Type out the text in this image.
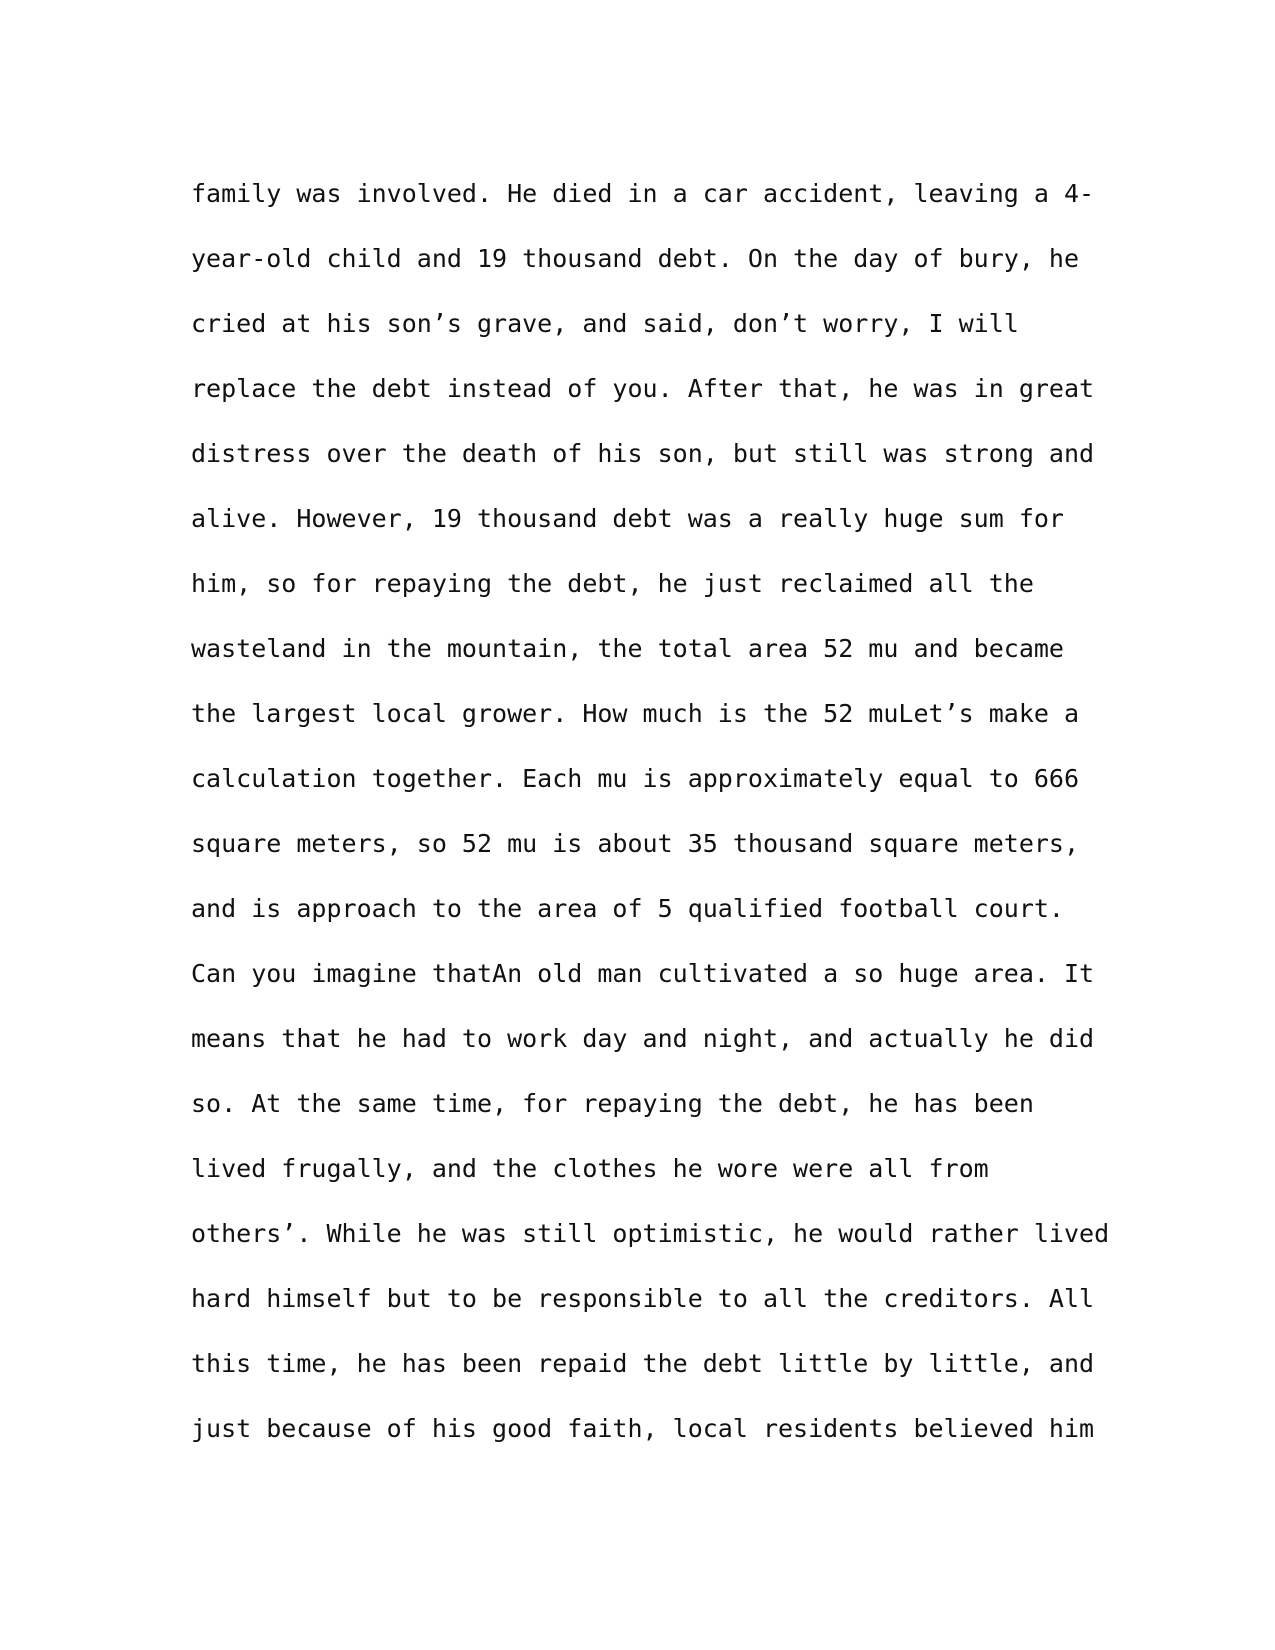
family was involved. He died in a car accident, leaving a 4-
year-old child and 19 thousand debt. On the day of bury, he
cried at his son’s grave, and said, don’t worry, I will
replace the debt instead of you. After that, he was in great
distress over the death of his son, but still was strong and
alive. However, 19 thousand debt was a really huge sum for
him, so for repaying the debt, he just reclaimed all the
wasteland in the mountain, the total area 52 mu and became
the largest local grower. How much is the 52 muLet’s make a
calculation together. Each mu is approximately equal to 666
square meters, so 52 mu is about 35 thousand square meters,
and is approach to the area of 5 qualified football court.
Can you imagine thatAn old man cultivated a so huge area. It
means that he had to work day and night, and actually he did
so. At the same time, for repaying the debt, he has been
lived frugally, and the clothes he wore were all from
others’. While he was still optimistic, he would rather lived
hard himself but to be responsible to all the creditors. All
this time, he has been repaid the debt little by little, and
just because of his good faith, local residents believed him
